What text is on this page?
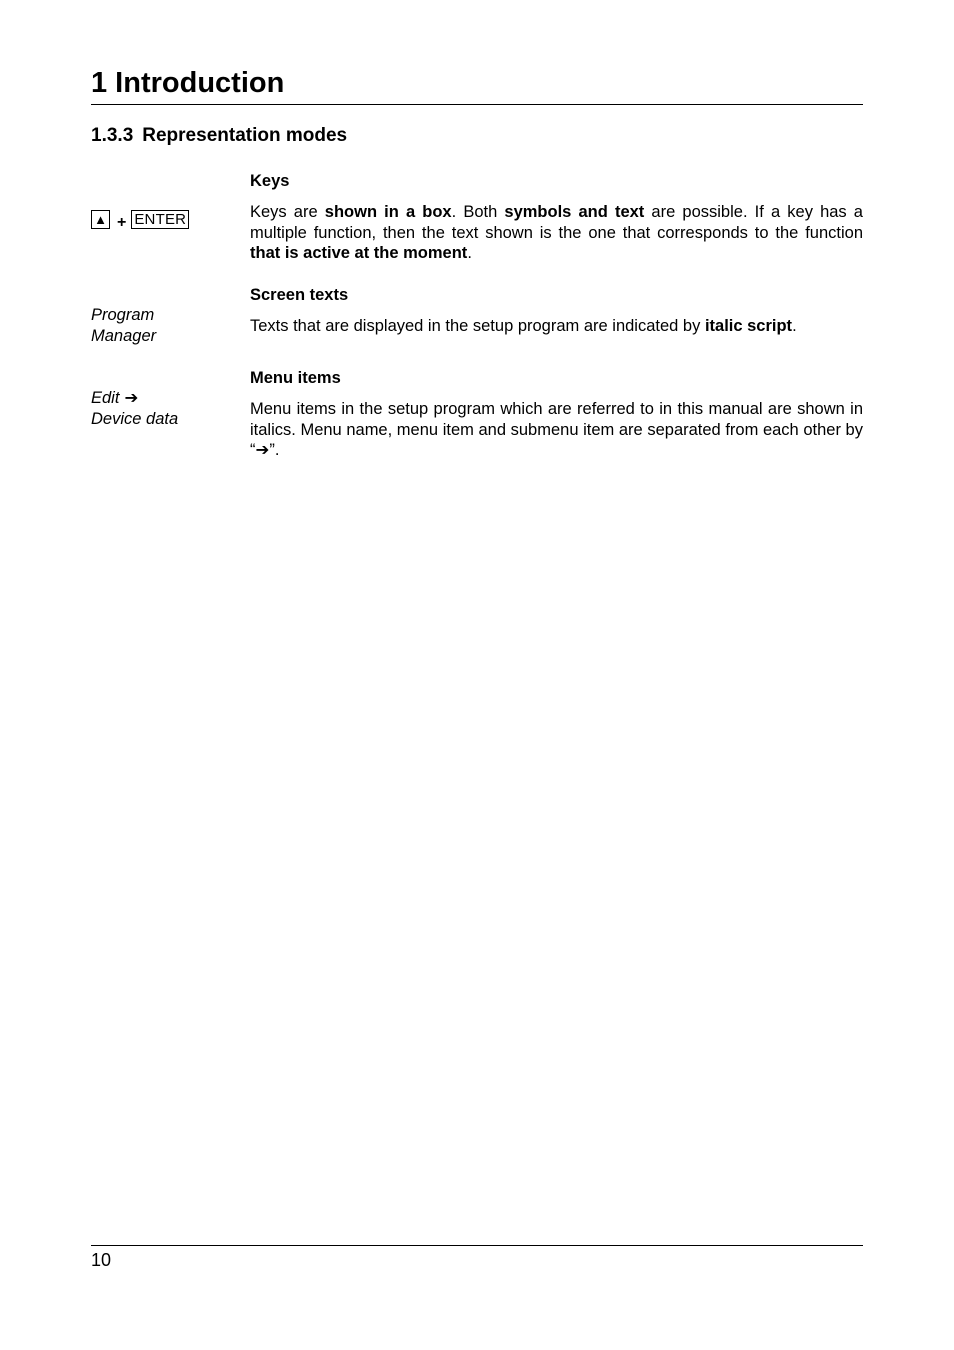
1 Introduction
1.3.3 Representation modes
▲ + ENTER

Keys

Keys are shown in a box. Both symbols and text are possible. If a key has a multiple function, then the text shown is the one that corresponds to the function that is active at the moment.

Program
Manager

Screen texts

Texts that are displayed in the setup program are indicated by italic script.

Edit ➔
Device data

Menu items

Menu items in the setup program which are referred to in this manual are shown in italics. Menu name, menu item and submenu item are separated from each other by “➔”.

10
